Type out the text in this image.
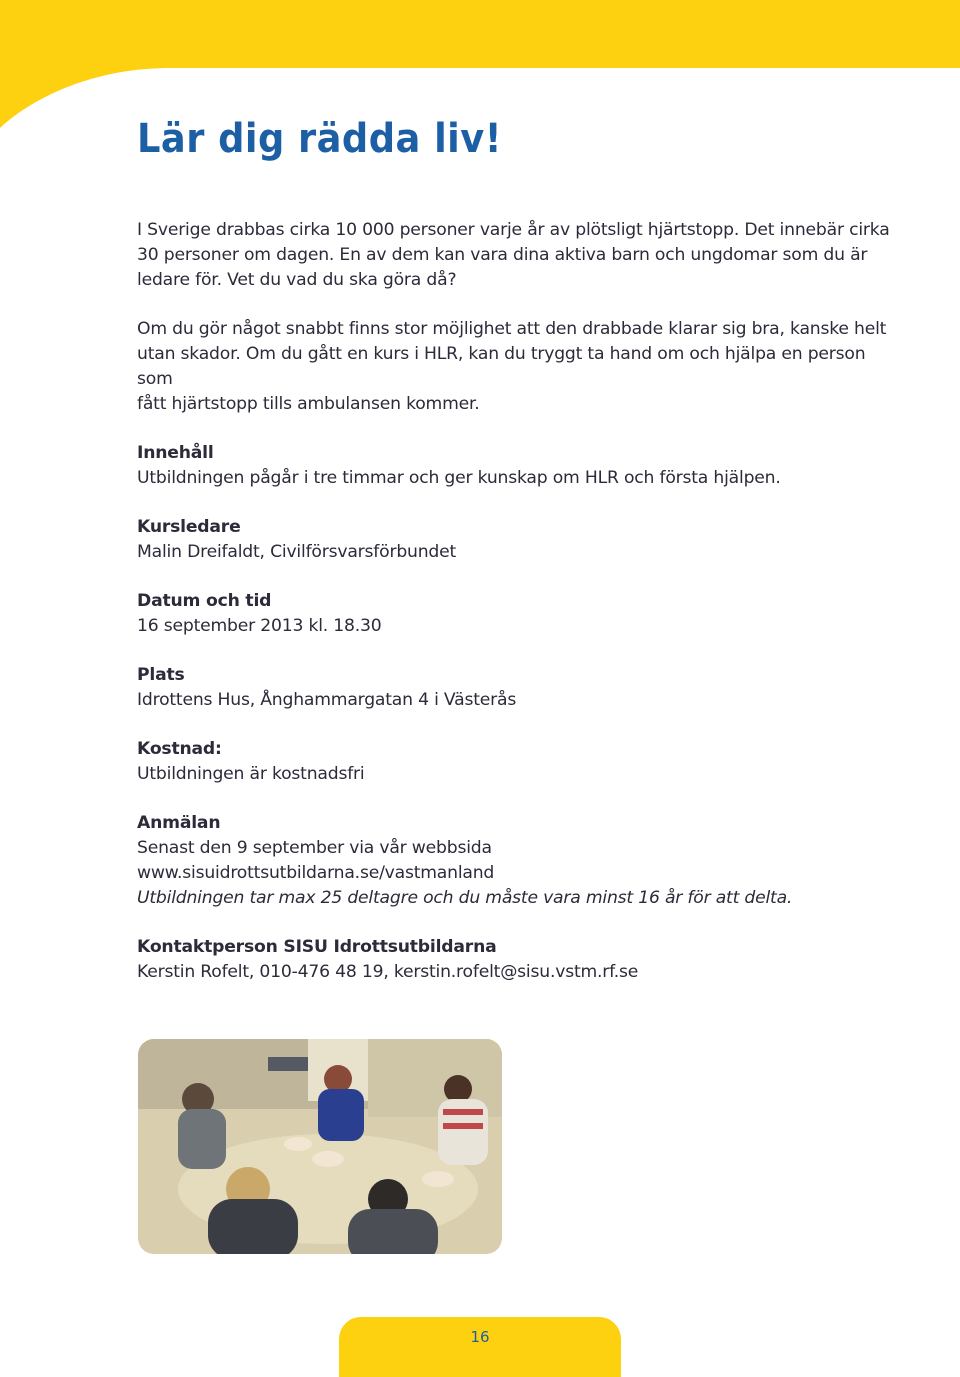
Lär dig rädda liv!

I Sverige drabbas cirka 10 000 personer varje år av plötsligt hjärtstopp. Det innebär cirka
30 personer om dagen. En av dem kan vara dina aktiva barn och ungdomar som du är
ledare för. Vet du vad du ska göra då?

Om du gör något snabbt finns stor möjlighet att den drabbade klarar sig bra, kanske helt
utan skador. Om du gått en kurs i HLR, kan du tryggt ta hand om och hjälpa en person som
fått hjärtstopp tills ambulansen kommer.

Innehåll
Utbildningen pågår i tre timmar och ger kunskap om HLR och första hjälpen.

Kursledare
Malin Dreifaldt, Civilförsvarsförbundet

Datum och tid
16 september 2013 kl. 18.30

Plats
Idrottens Hus, Ånghammargatan 4 i Västerås

Kostnad:
Utbildningen är kostnadsfri

Anmälan
Senast den 9 september via vår webbsida
www.sisuidrottsutbildarna.se/vastmanland
Utbildningen tar max 25 deltagre och du måste vara minst 16 år för att delta.

Kontaktperson SISU Idrottsutbildarna
Kerstin Rofelt, 010-476 48 19, kerstin.rofelt@sisu.vstm.rf.se

16
